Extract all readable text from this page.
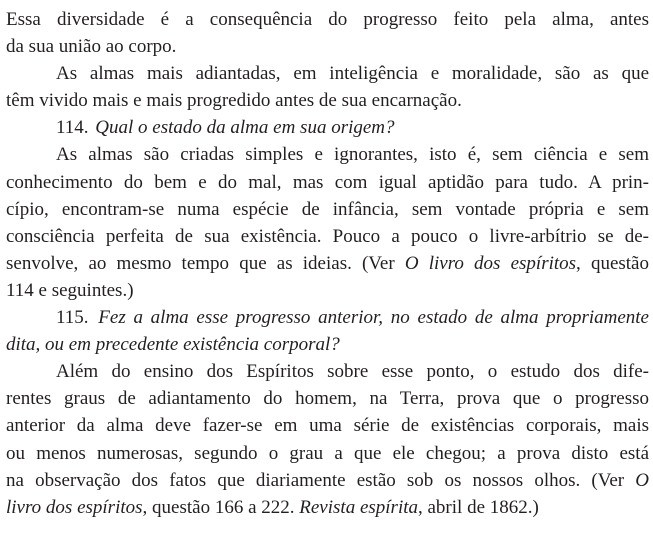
Essa diversidade é a consequência do progresso feito pela alma, antes
da sua união ao corpo.
As almas mais adiantadas, em inteligência e moralidade, são as que
têm vivido mais e mais progredido antes de sua encarnação.
114. Qual o estado da alma em sua origem?
As almas são criadas simples e ignorantes, isto é, sem ciência e sem
conhecimento do bem e do mal, mas com igual aptidão para tudo. A prin-
cípio, encontram-se numa espécie de infância, sem vontade própria e sem
consciência perfeita de sua existência. Pouco a pouco o livre-arbítrio se de-
senvolve, ao mesmo tempo que as ideias. (Ver O livro dos espíritos, questão
114 e seguintes.)
115. Fez a alma esse progresso anterior, no estado de alma propriamente
dita, ou em precedente existência corporal?
Além do ensino dos Espíritos sobre esse ponto, o estudo dos dife-
rentes graus de adiantamento do homem, na Terra, prova que o progresso
anterior da alma deve fazer-se em uma série de existências corporais, mais
ou menos numerosas, segundo o grau a que ele chegou; a prova disto está
na observação dos fatos que diariamente estão sob os nossos olhos. (Ver O
livro dos espíritos, questão 166 a 222. Revista espírita, abril de 1862.)
